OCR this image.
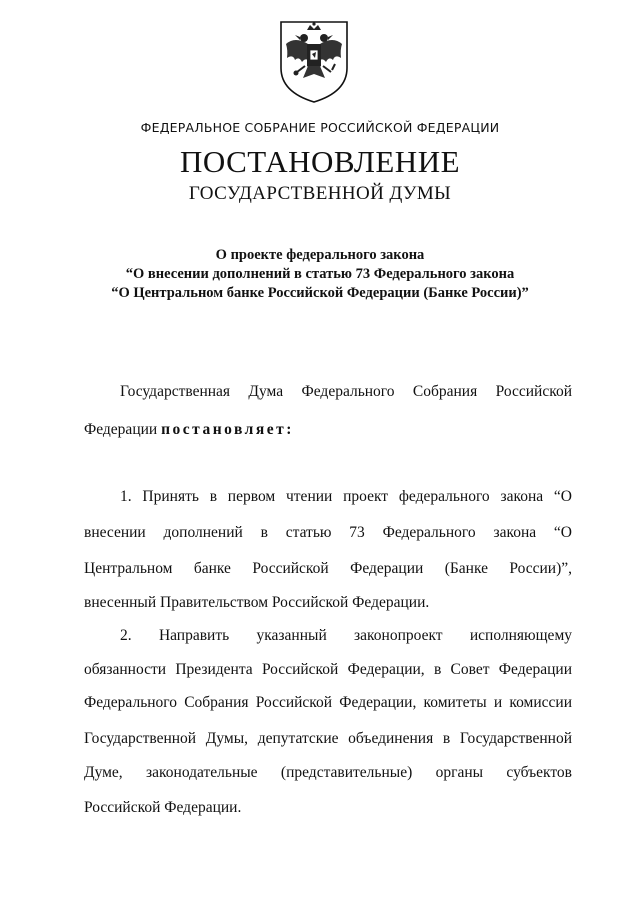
ФЕДЕРАЛЬНОЕ СОБРАНИЕ РОССИЙСКОЙ ФЕДЕРАЦИИ
ПОСТАНОВЛЕНИЕ
ГОСУДАРСТВЕННОЙ ДУМЫ
О проекте федерального закона
“О внесении дополнений в статью 73 Федерального закона
“О Центральном банке Российской Федерации (Банке России)”
Государственная Дума Федерального Собрания Российской
Федерации постановляет:
1. Принять в первом чтении проект федерального закона “О
внесении дополнений в статью 73 Федерального закона “О
Центральном банке Российской Федерации (Банке России)”,
внесенный Правительством Российской Федерации.
2. Направить указанный законопроект исполняющему
обязанности Президента Российской Федерации, в Совет Федерации
Федерального Собрания Российской Федерации, комитеты и комиссии
Государственной Думы, депутатские объединения в Государственной
Думе, законодательные (представительные) органы субъектов
Российской Федерации.
